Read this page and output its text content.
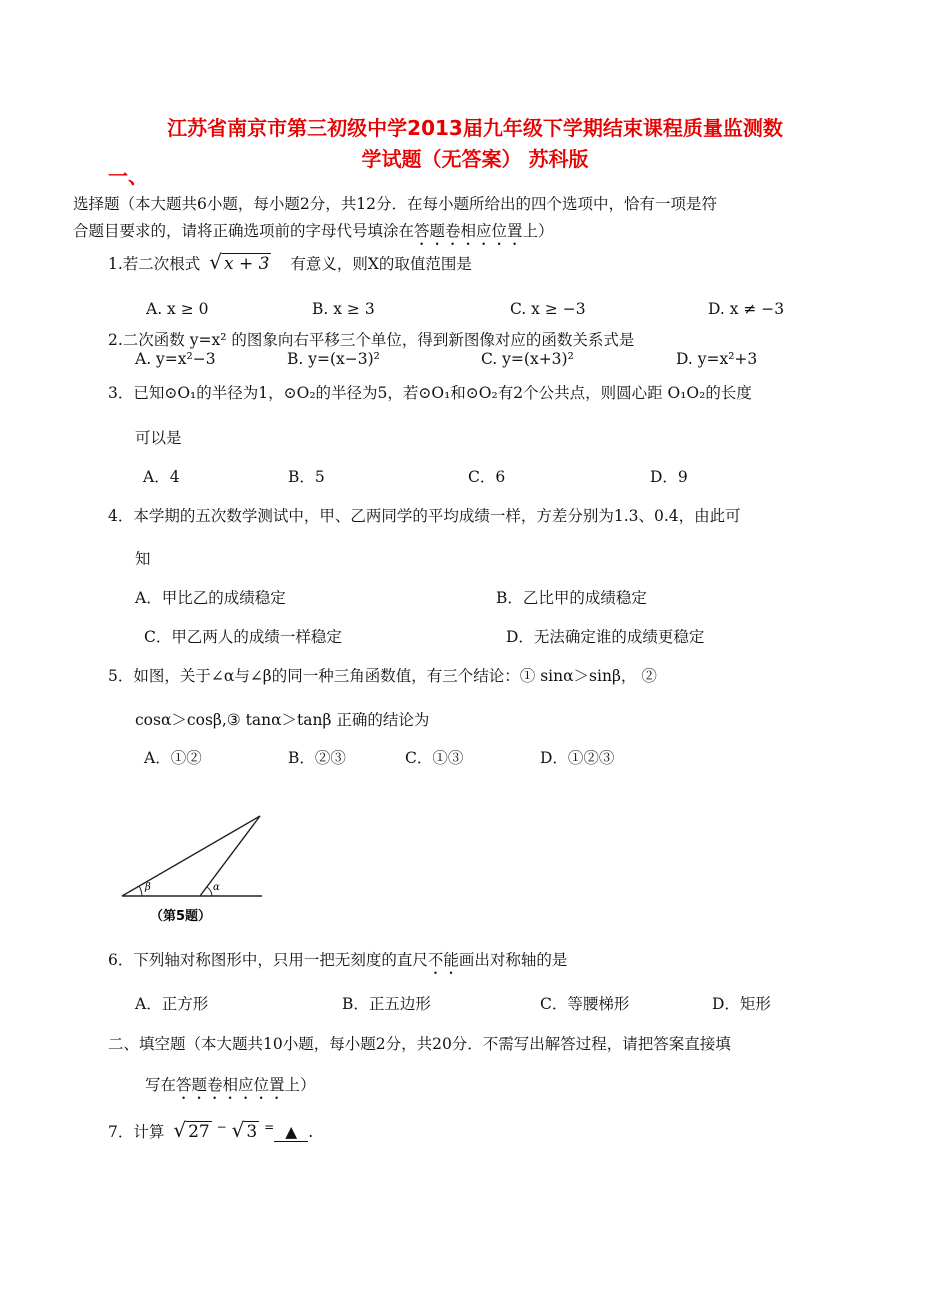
江苏省南京市第三初级中学2013届九年级下学期结束课程质量监测数
学试题（无答案） 苏科版
一、
选择题（本大题共6小题，每小题2分，共12分．在每小题所给出的四个选项中，恰有一项是符
合题目要求的，请将正确选项前的字母代号填涂在答题卷相应位置上）
1.若二次根式 √ x + 3 有意义，则X的取值范围是
A. x ≥ 0	B. x ≥ 3	C. x ≥ −3	D. x ≠ −3
2.二次函数 y=x² 的图象向右平移三个单位，得到新图像对应的函数关系式是
A. y=x²−3	B. y=(x−3)²	C. y=(x+3)²	D. y=x²+3
3．已知⊙O₁的半径为1，⊙O₂的半径为5，若⊙O₁和⊙O₂有2个公共点，则圆心距 O₁O₂的长度
可以是
A．4	B．5	C．6	D．9
4．本学期的五次数学测试中，甲、乙两同学的平均成绩一样，方差分别为1.3、0.4，由此可
知
A．甲比乙的成绩稳定	B．乙比甲的成绩稳定
C．甲乙两人的成绩一样稳定	D．无法确定谁的成绩更稳定
5．如图，关于∠α与∠β的同一种三角函数值，有三个结论：① sinα＞sinβ， ②
cosα＞cosβ,③ tanα＞tanβ 正确的结论为
A．①②	B．②③	C．①③	D．①②③
β	α
（第5题）
6．下列轴对称图形中，只用一把无刻度的直尺不能画出对称轴的是
A．正方形	B．正五边形	C．等腰梯形	D．矩形
二、填空题（本大题共10小题，每小题2分，共20分．不需写出解答过程，请把答案直接填
写在答题卷相应位置上）
7．计算 √ 27 − √ 3 = ▲ .
